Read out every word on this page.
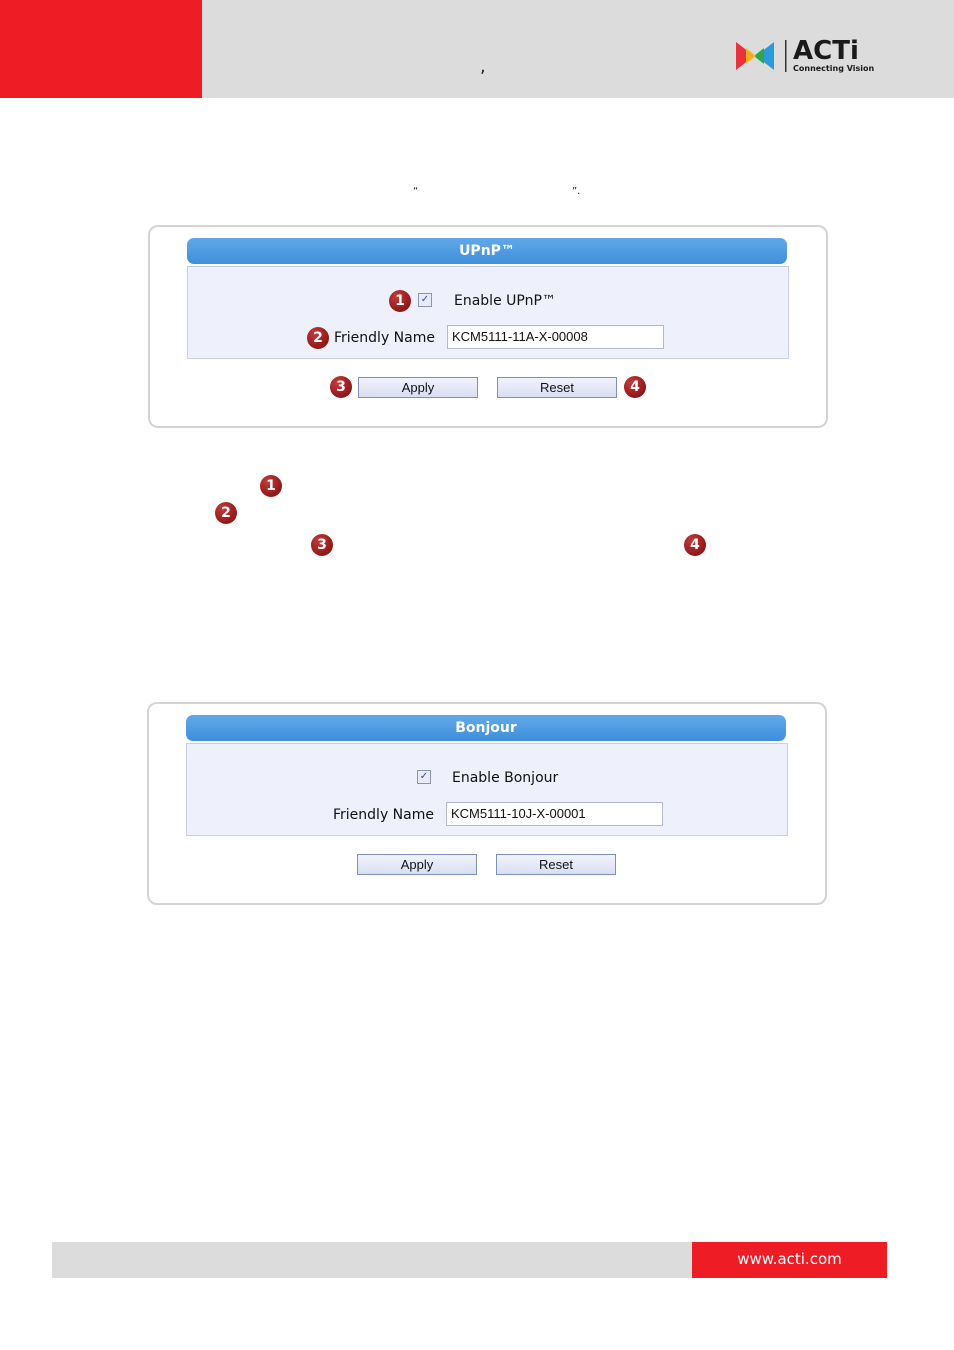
,
ACTi
Connecting Vision
“	”.
UPnP™
1	✓ Enable UPnP™
2 Friendly Name	KCM5111-11A-X-00008
3	Apply	Reset	4
1
2
3	4
Bonjour
✓ Enable Bonjour
Friendly Name	KCM5111-10J-X-00001
Apply	Reset
www.acti.com
